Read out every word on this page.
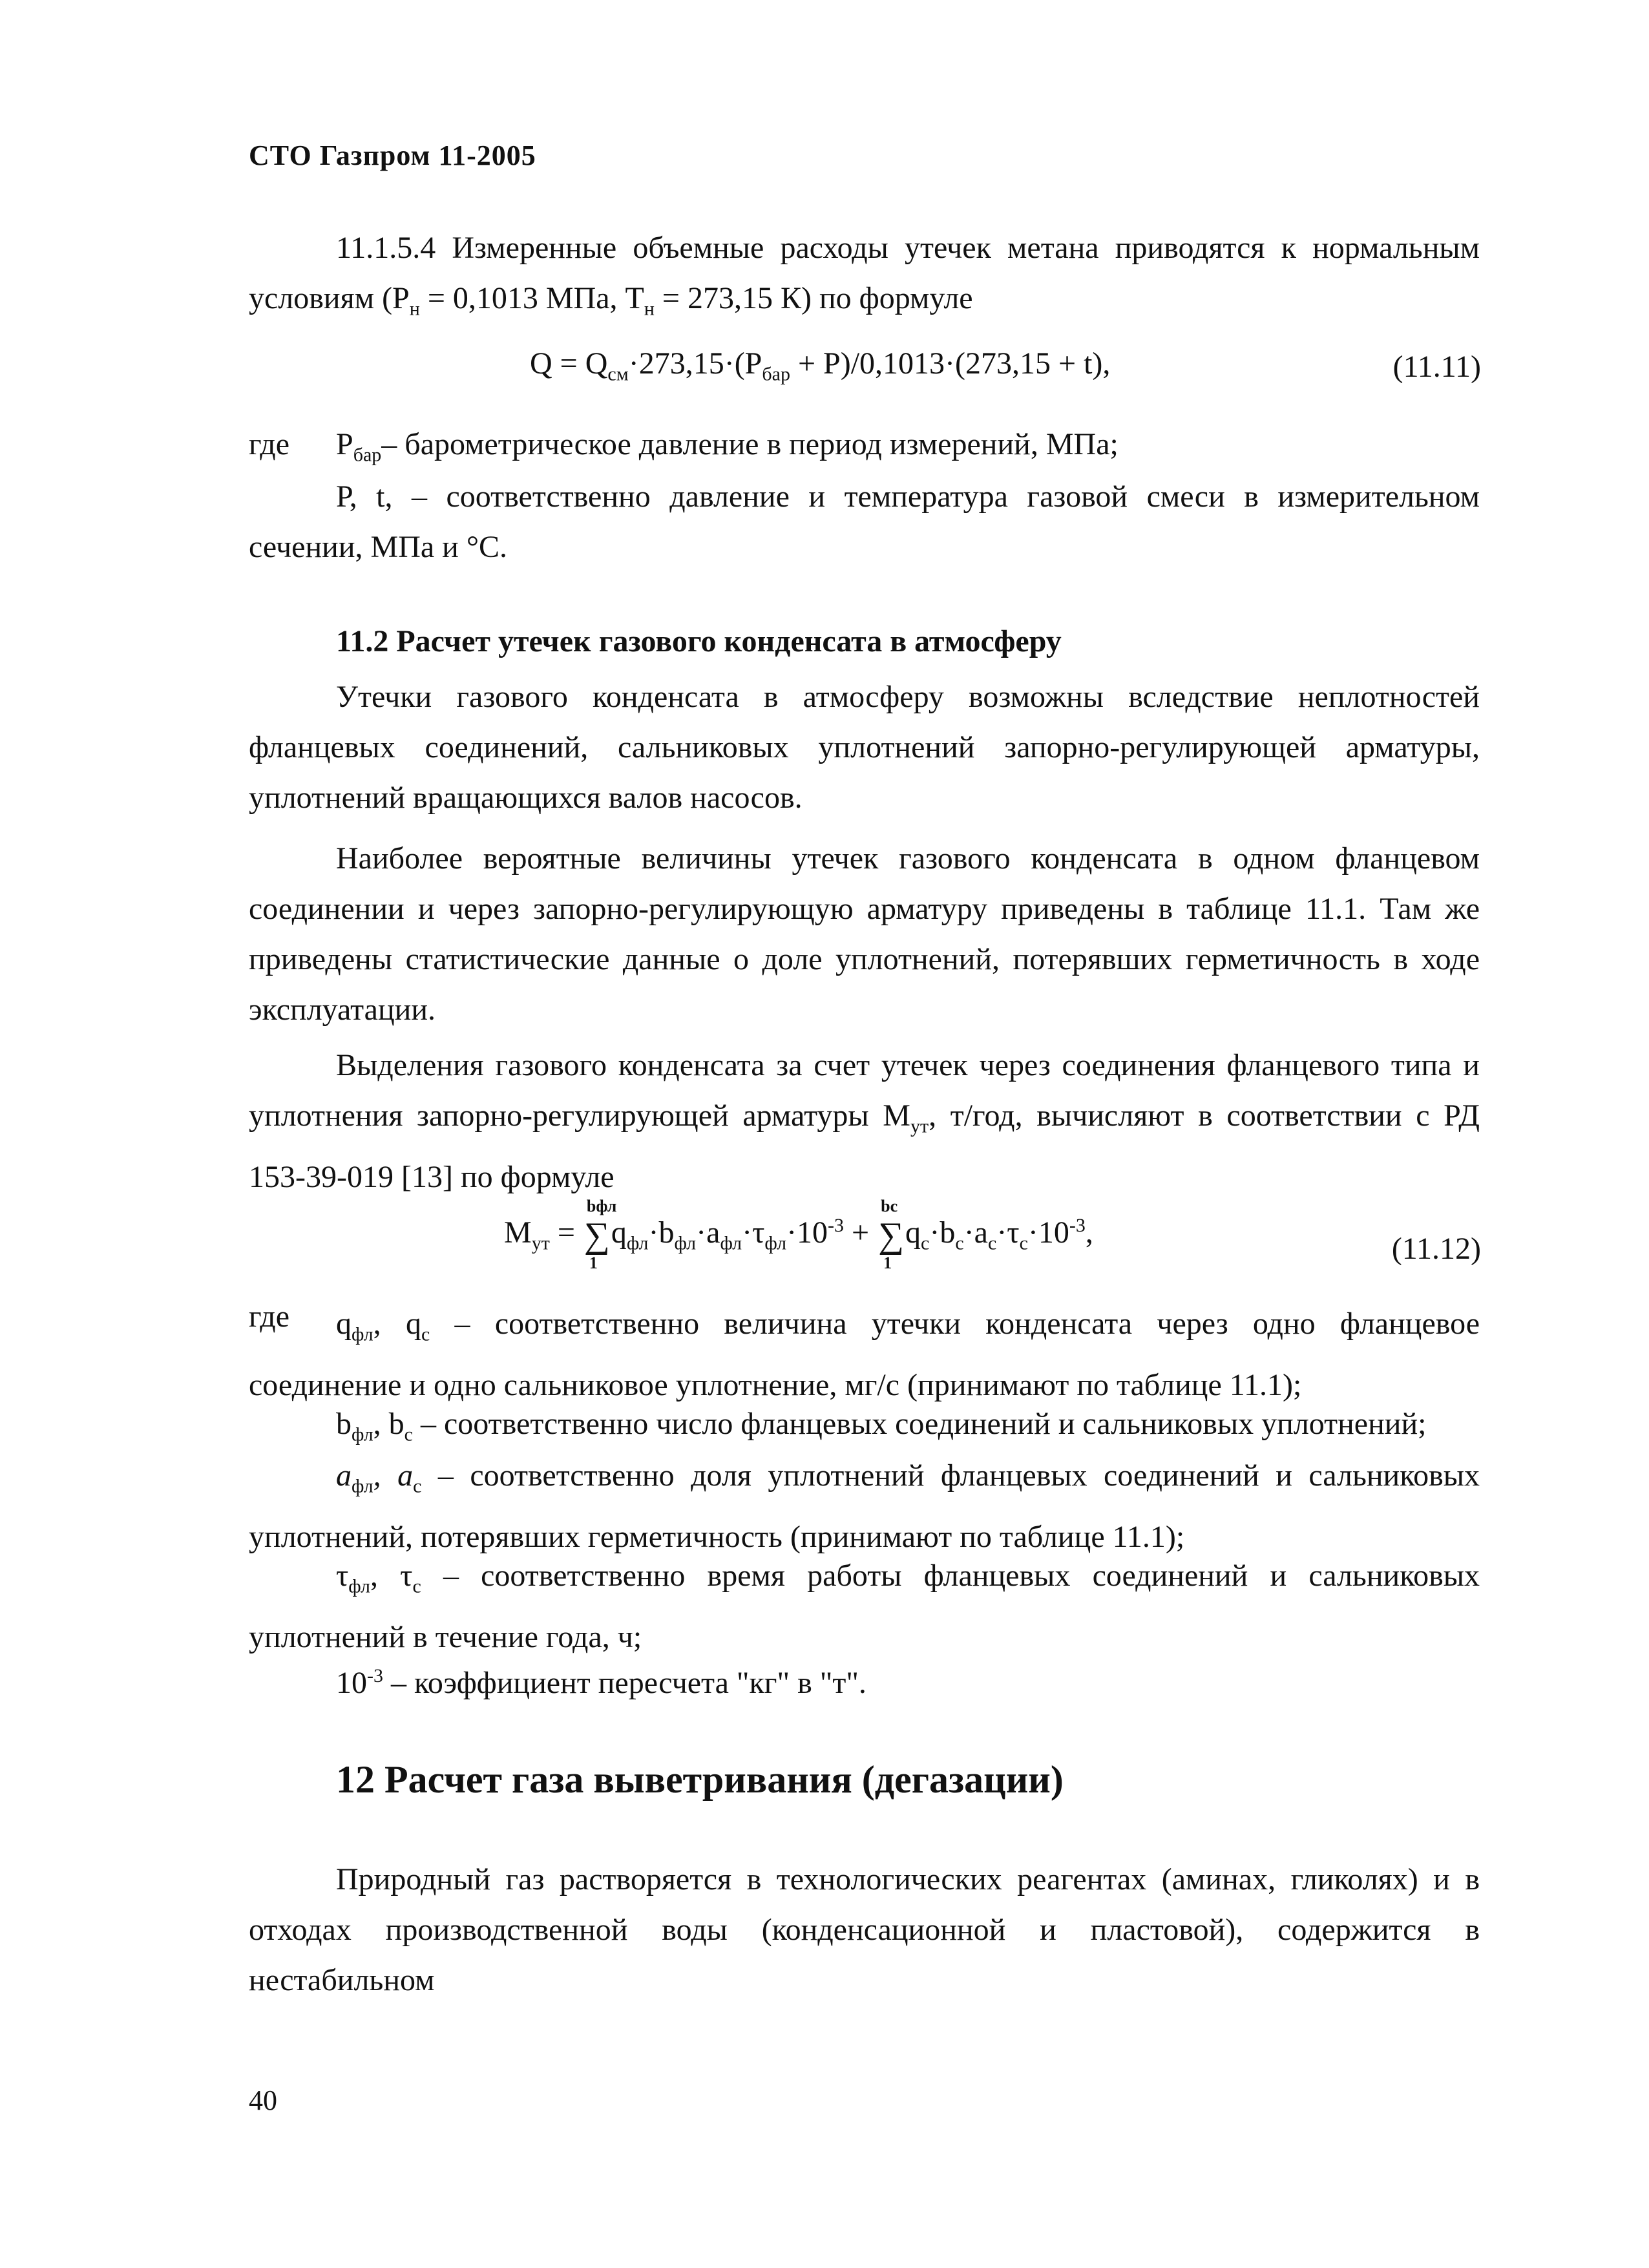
СТО Газпром 11-2005

11.1.5.4 Измеренные объемные расходы утечек метана приводятся к нормальным условиям ($Р_н = 0,1013$ МПа, $Т_н = 273,15$ К) по формуле

$Q = Q_{см}\cdot 273,15\cdot(Р_{бар} + Р)/0,1013\cdot(273,15 + t)$,	(11.11)
где $Р_{бар}-$ барометрическое давление в период измерений, МПа;

Р, t, – соответственно давление и температура газовой смеси в измерительном сечении, МПа и °С.

11.2 Расчет утечек газового конденсата в атмосферу

Утечки газового конденсата в атмосферу возможны вследствие неплотностей фланцевых соединений, сальниковых уплотнений запорно-регулирующей арматуры, уплотнений вращающихся валов насосов.

Наиболее вероятные величины утечек газового конденсата в одном фланцевом соединении и через запорно-регулирующую арматуру приведены в таблице 11.1. Там же приведены статистические данные о доле уплотнений, потерявших герметичность в ходе эксплуатации.

Выделения газового конденсата за счет утечек через соединения фланцевого типа и уплотнения запорно-регулирующей арматуры $М_{ут}$, т/год, вычисляют в соответствии с РД 153-39-019 [13] по формуле

$М_{ут}$ = ∑
bфл
1
$q_{фл}\cdot b_{фл}\cdot a_{фл}\cdot\tau_{фл}\cdot 10^{-3}$ + ∑
bc
1
$q_c\cdot b_c\cdot a_c\cdot\tau_c\cdot 10^{-3}$,	(11.12)
где	$q_{фл}$, $q_с$ – соответственно величина утечки конденсата через одно фланцевое соединение и одно сальниковое уплотнение, мг/с (принимают по таблице 11.1);

$b_{фл}$, $b_с$ – соответственно число фланцевых соединений и сальниковых уплотнений;

$a_{фл}$, $a_с$ – соответственно доля уплотнений фланцевых соединений и сальниковых уплотнений, потерявших герметичность (принимают по таблице 11.1);

$\tau_{фл}$, $\tau_с$ – соответственно время работы фланцевых соединений и сальниковых уплотнений в течение года, ч;

$10^{-3}$ – коэффициент пересчета "кг" в "т".

12 Расчет газа выветривания (дегазации)

Природный газ растворяется в технологических реагентах (аминах, гликолях) и в отходах производственной воды (конденсационной и пластовой), содержится в нестабильном

40
